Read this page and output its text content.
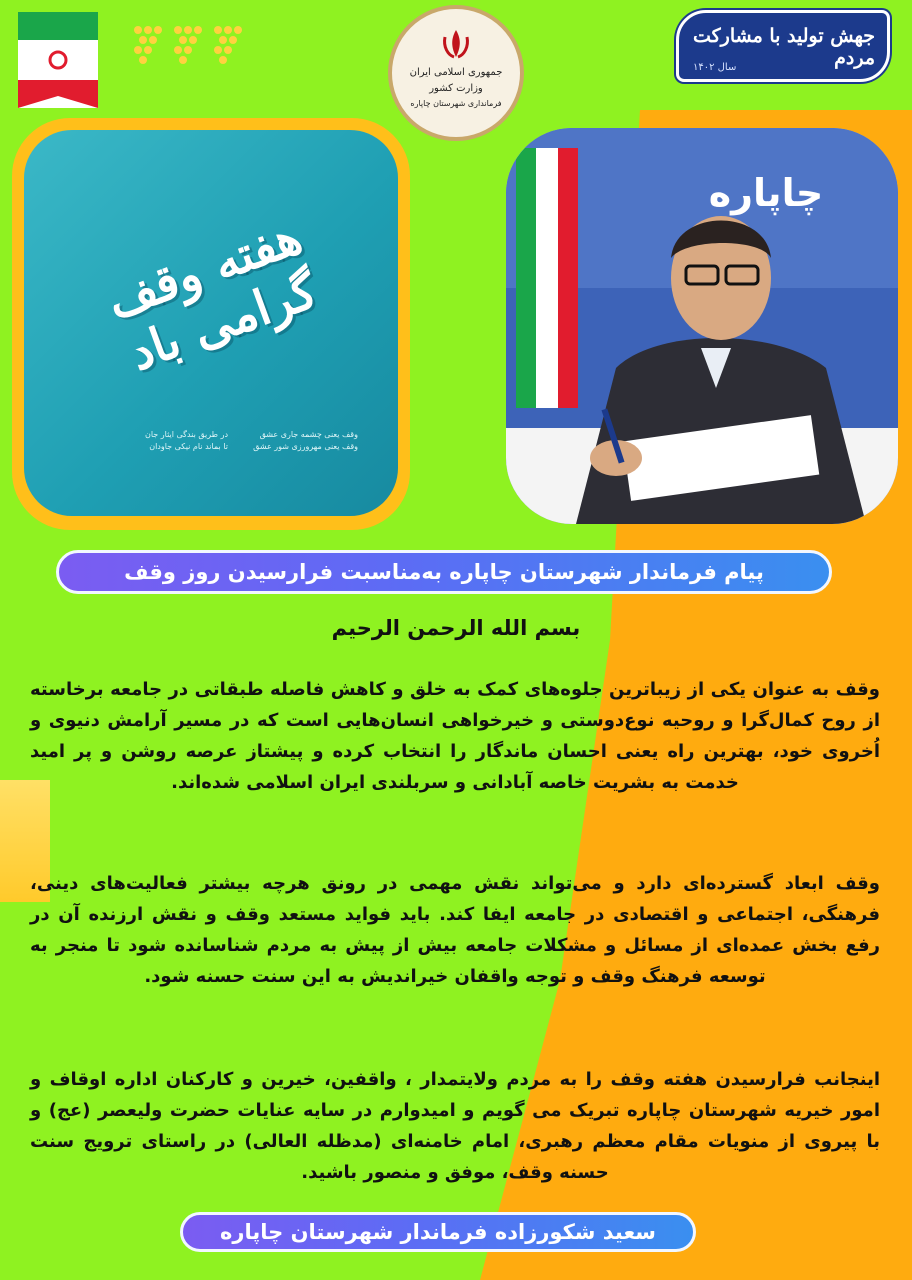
جمهوری اسلامی ایران
وزارت کشور
فرمانداری شهرستان چاپاره
جهش تولید با مشارکت مردم
سال ۱۴۰۲
هفته وقف گرامی باد
در طریق بندگی ایثار جان
تا بماند نام نیکی جاودان
وقف یعنی چشمه جاری عشق
وقف یعنی مهرورزی شور عشق
چاپاره
پیام فرماندار شهرستان چاپاره به‌مناسبت فرارسیدن روز وقف
بسم الله الرحمن الرحیم
وقف به عنوان یکی از زیباترین جلوه‌های کمک به خلق و کاهش فاصله طبقاتی در جامعه برخاسته از روح کمال‌گرا و روحیه نوع‌دوستی و خیرخواهی انسان‌هایی است که در مسیر آرامش دنیوی و اُخروی خود، بهترین راه یعنی احسان ماندگار را انتخاب کرده و پیشتاز عرصه روشن و پر امید خدمت به بشریت خاصه آبادانی و سربلندی ایران اسلامی شده‌اند.
وقف ابعاد گسترده‌ای دارد و می‌تواند نقش مهمی در رونق هرچه بیشتر فعالیت‌های دینی، فرهنگی، اجتماعی و اقتصادی در جامعه ایفا کند. باید فواید مستعد وقف و نقش ارزنده آن در رفع بخش عمده‌ای از مسائل و مشکلات جامعه بیش از پیش به مردم شناسانده شود تا منجر به توسعه فرهنگ وقف و توجه واقفان خیراندیش به این سنت حسنه شود.
اینجانب فرارسیدن هفته وقف را به مردم ولایتمدار ، واقفین، خیرین و کارکنان اداره اوقاف و امور خیریه شهرستان چاپاره تبریک می گویم و امیدوارم در سایه عنایات حضرت ولیعصر (عج) و با پیروی از منویات مقام معظم رهبری، امام خامنه‌ای (مدظله العالی) در راستای ترویج سنت حسنه وقف، موفق و منصور باشید.
سعید شکورزاده فرماندار شهرستان چاپاره
